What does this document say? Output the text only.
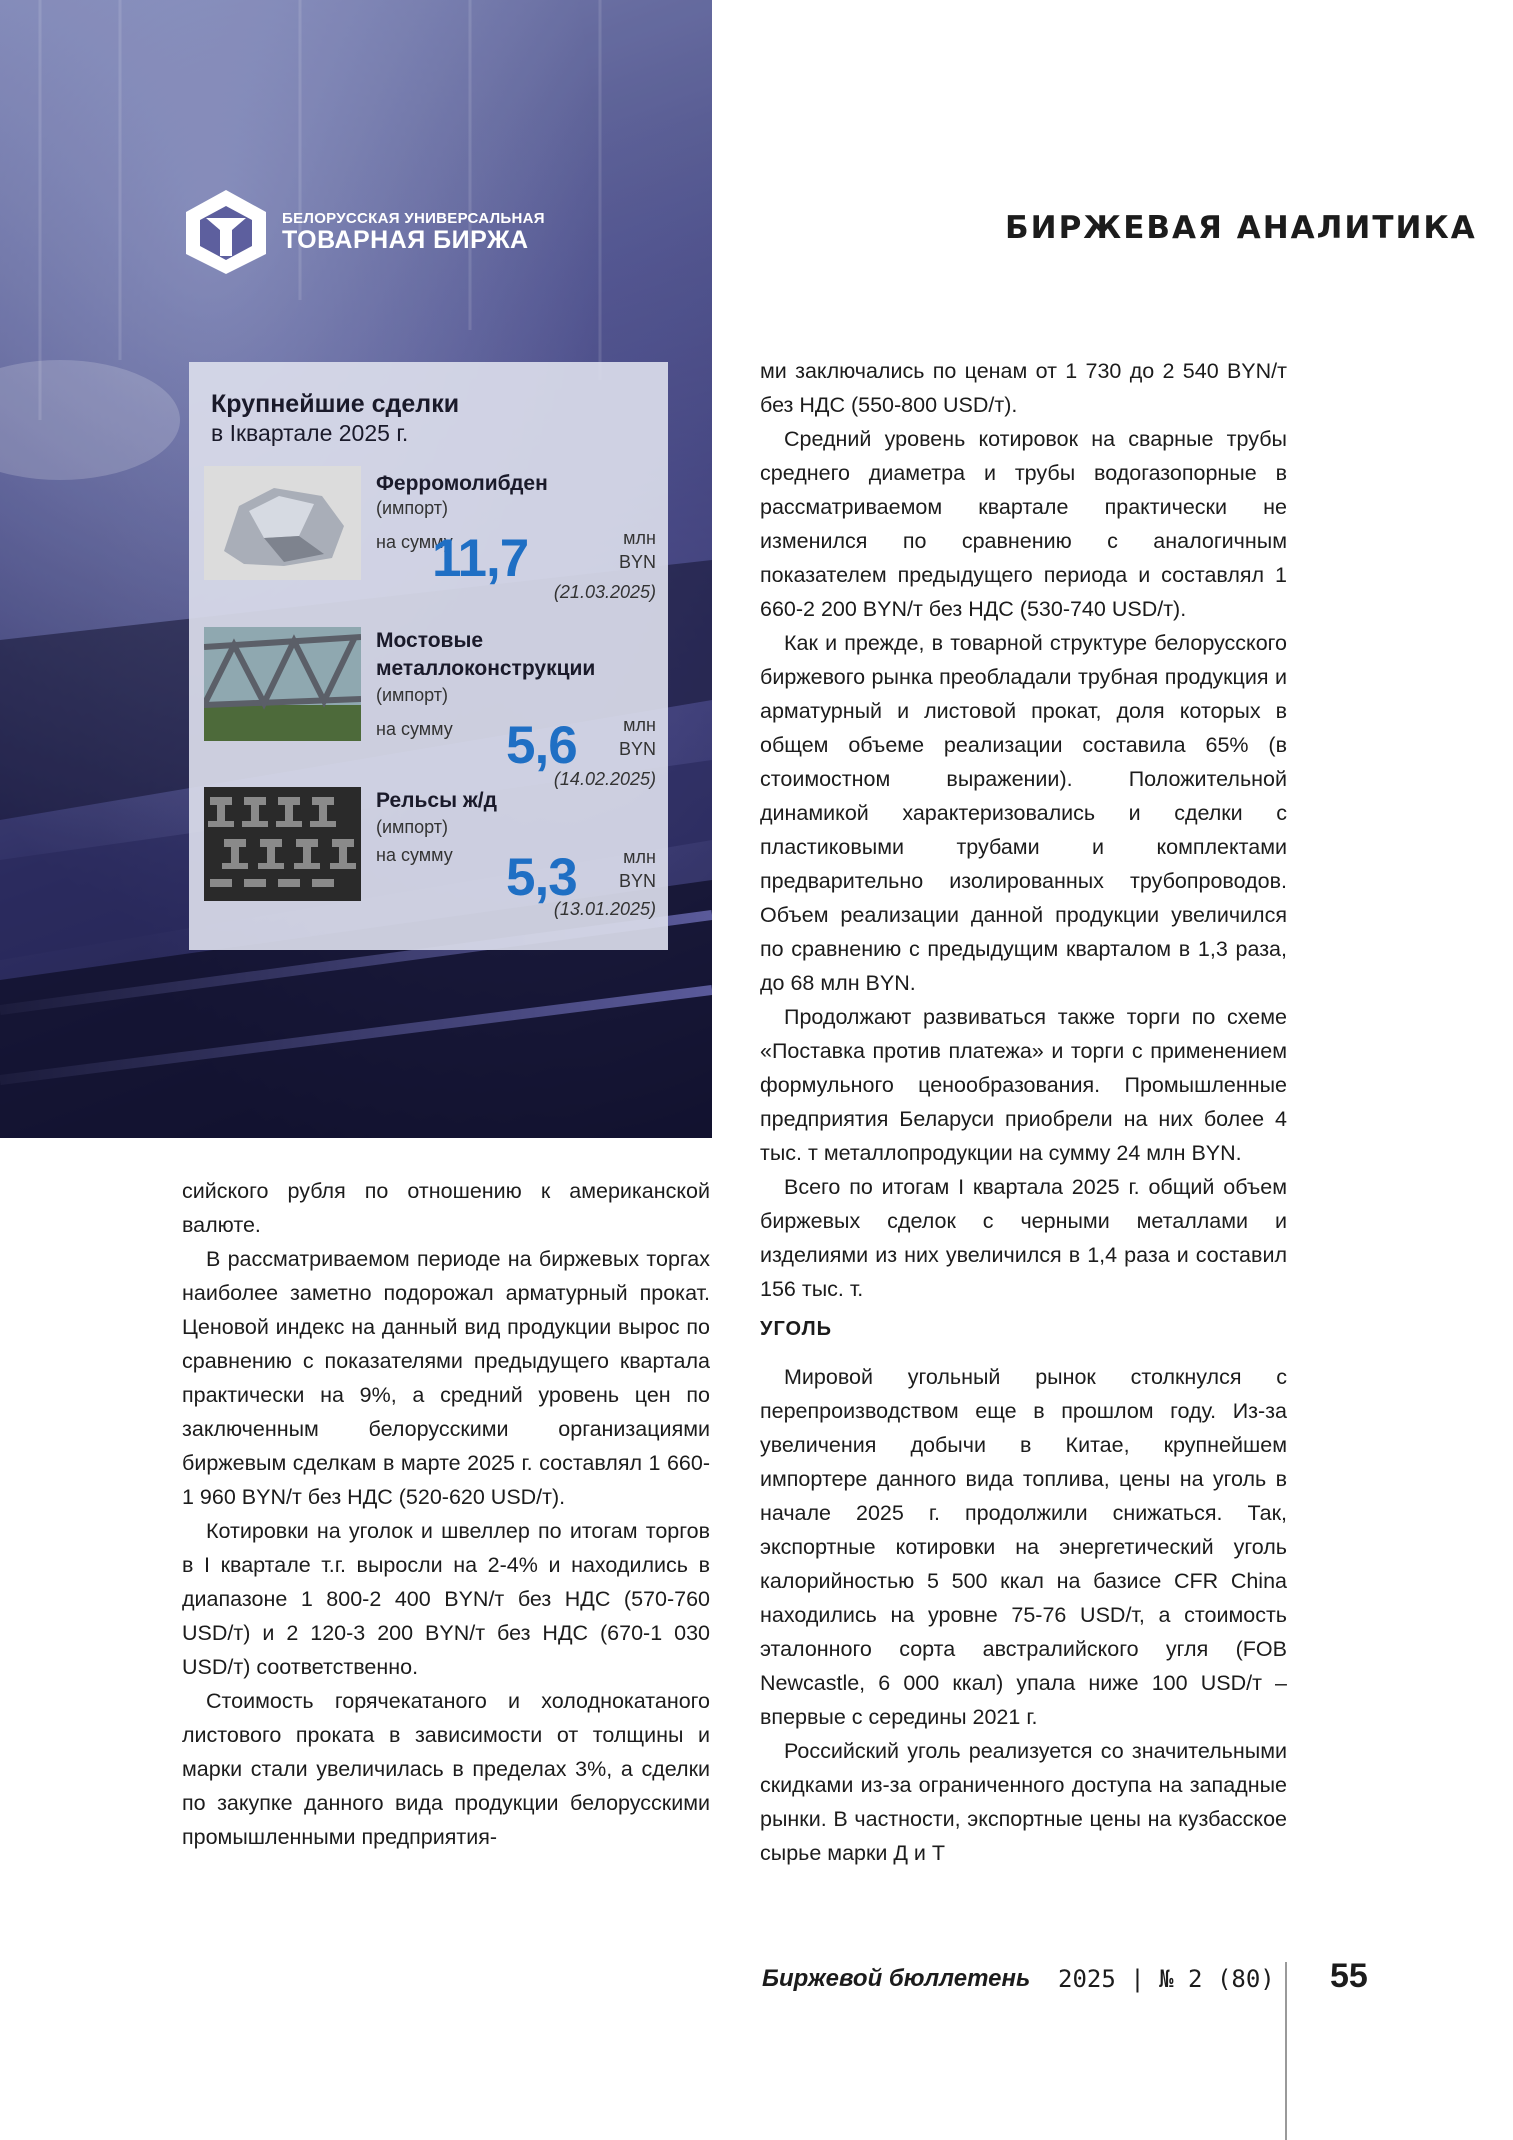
БЕЛОРУССКАЯ УНИВЕРСАЛЬНАЯ
ТОВАРНАЯ БИРЖА
Крупнейшие сделки
в Iквартале 2025 г.
Ферромолибден
(импорт)
на сумму
11,7	млн
BYN
(21.03.2025)
Мостовые
металлоконструкции
(импорт)
на сумму 5,6	млн
BYN
(14.02.2025)
Рельсы ж/д
(импорт)
на сумму 5,3	млн
BYN
(13.01.2025)
БИРЖЕВАЯ АНАЛИТИКА

сийского рубля по отношению к американской валюте.

В рассматриваемом периоде на биржевых торгах наиболее заметно подорожал арматурный прокат. Ценовой индекс на данный вид продукции вырос по сравнению с показателями предыдущего квартала практически на 9%, а средний уровень цен по заключенным белорусскими организациями биржевым сделкам в марте 2025 г. составлял 1 660-1 960 BYN/т без НДС (520-620 USD/т).

Котировки на уголок и швеллер по итогам торгов в I квартале т.г. выросли на 2-4% и находились в диапазоне 1 800-2 400 BYN/т без НДС (570-760 USD/т) и 2 120-3 200 BYN/т без НДС (670-1 030 USD/т) соответственно.

Стоимость горячекатаного и холоднокатаного листового проката в зависимости от толщины и марки стали увеличилась в пределах 3%, а сделки по закупке данного вида продукции белорусскими промышленными предприятия-

ми заключались по ценам от 1 730 до 2 540 BYN/т без НДС (550-800 USD/т).

Средний уровень котировок на сварные трубы среднего диаметра и трубы водогазопорные в рассматриваемом квартале практически не изменился по сравнению с аналогичным показателем предыдущего периода и составлял 1 660-2 200 BYN/т без НДС (530-740 USD/т).

Как и прежде, в товарной структуре белорусского биржевого рынка преобладали трубная продукция и арматурный и листовой прокат, доля которых в общем объеме реализации составила 65% (в стоимостном выражении). Положительной динамикой характеризовались и сделки с пластиковыми трубами и комплектами предварительно изолированных трубопроводов. Объем реализации данной продукции увеличился по сравнению с предыдущим кварталом в 1,3 раза, до 68 млн BYN.

Продолжают развиваться также торги по схеме «Поставка против платежа» и торги с применением формульного ценообразования. Промышленные предприятия Беларуси приобрели на них более 4 тыс. т металлопродукции на сумму 24 млн BYN.

Всего по итогам I квартала 2025 г. общий объем биржевых сделок с черными металлами и изделиями из них увеличился в 1,4 раза и составил 156 тыс. т.

УГОЛЬ

Мировой угольный рынок столкнулся с перепроизводством еще в прошлом году. Из-за увеличения добычи в Китае, крупнейшем импортере данного вида топлива, цены на уголь в начале 2025 г. продолжили снижаться. Так, экспортные котировки на энергетический уголь калорийностью 5 500 ккал на базисе CFR China находились на уровне 75-76 USD/т, а стоимость эталонного сорта австралийского угля (FOB Newcastle, 6 000 ккал) упала ниже 100 USD/т – впервые с середины 2021 г.

Российский уголь реализуется со значительными скидками из-за ограниченного доступа на западные рынки. В частности, экспортные цены на кузбасское сырье марки Д и Т

Биржевой бюллетень 2025 | № 2 (80) 55
